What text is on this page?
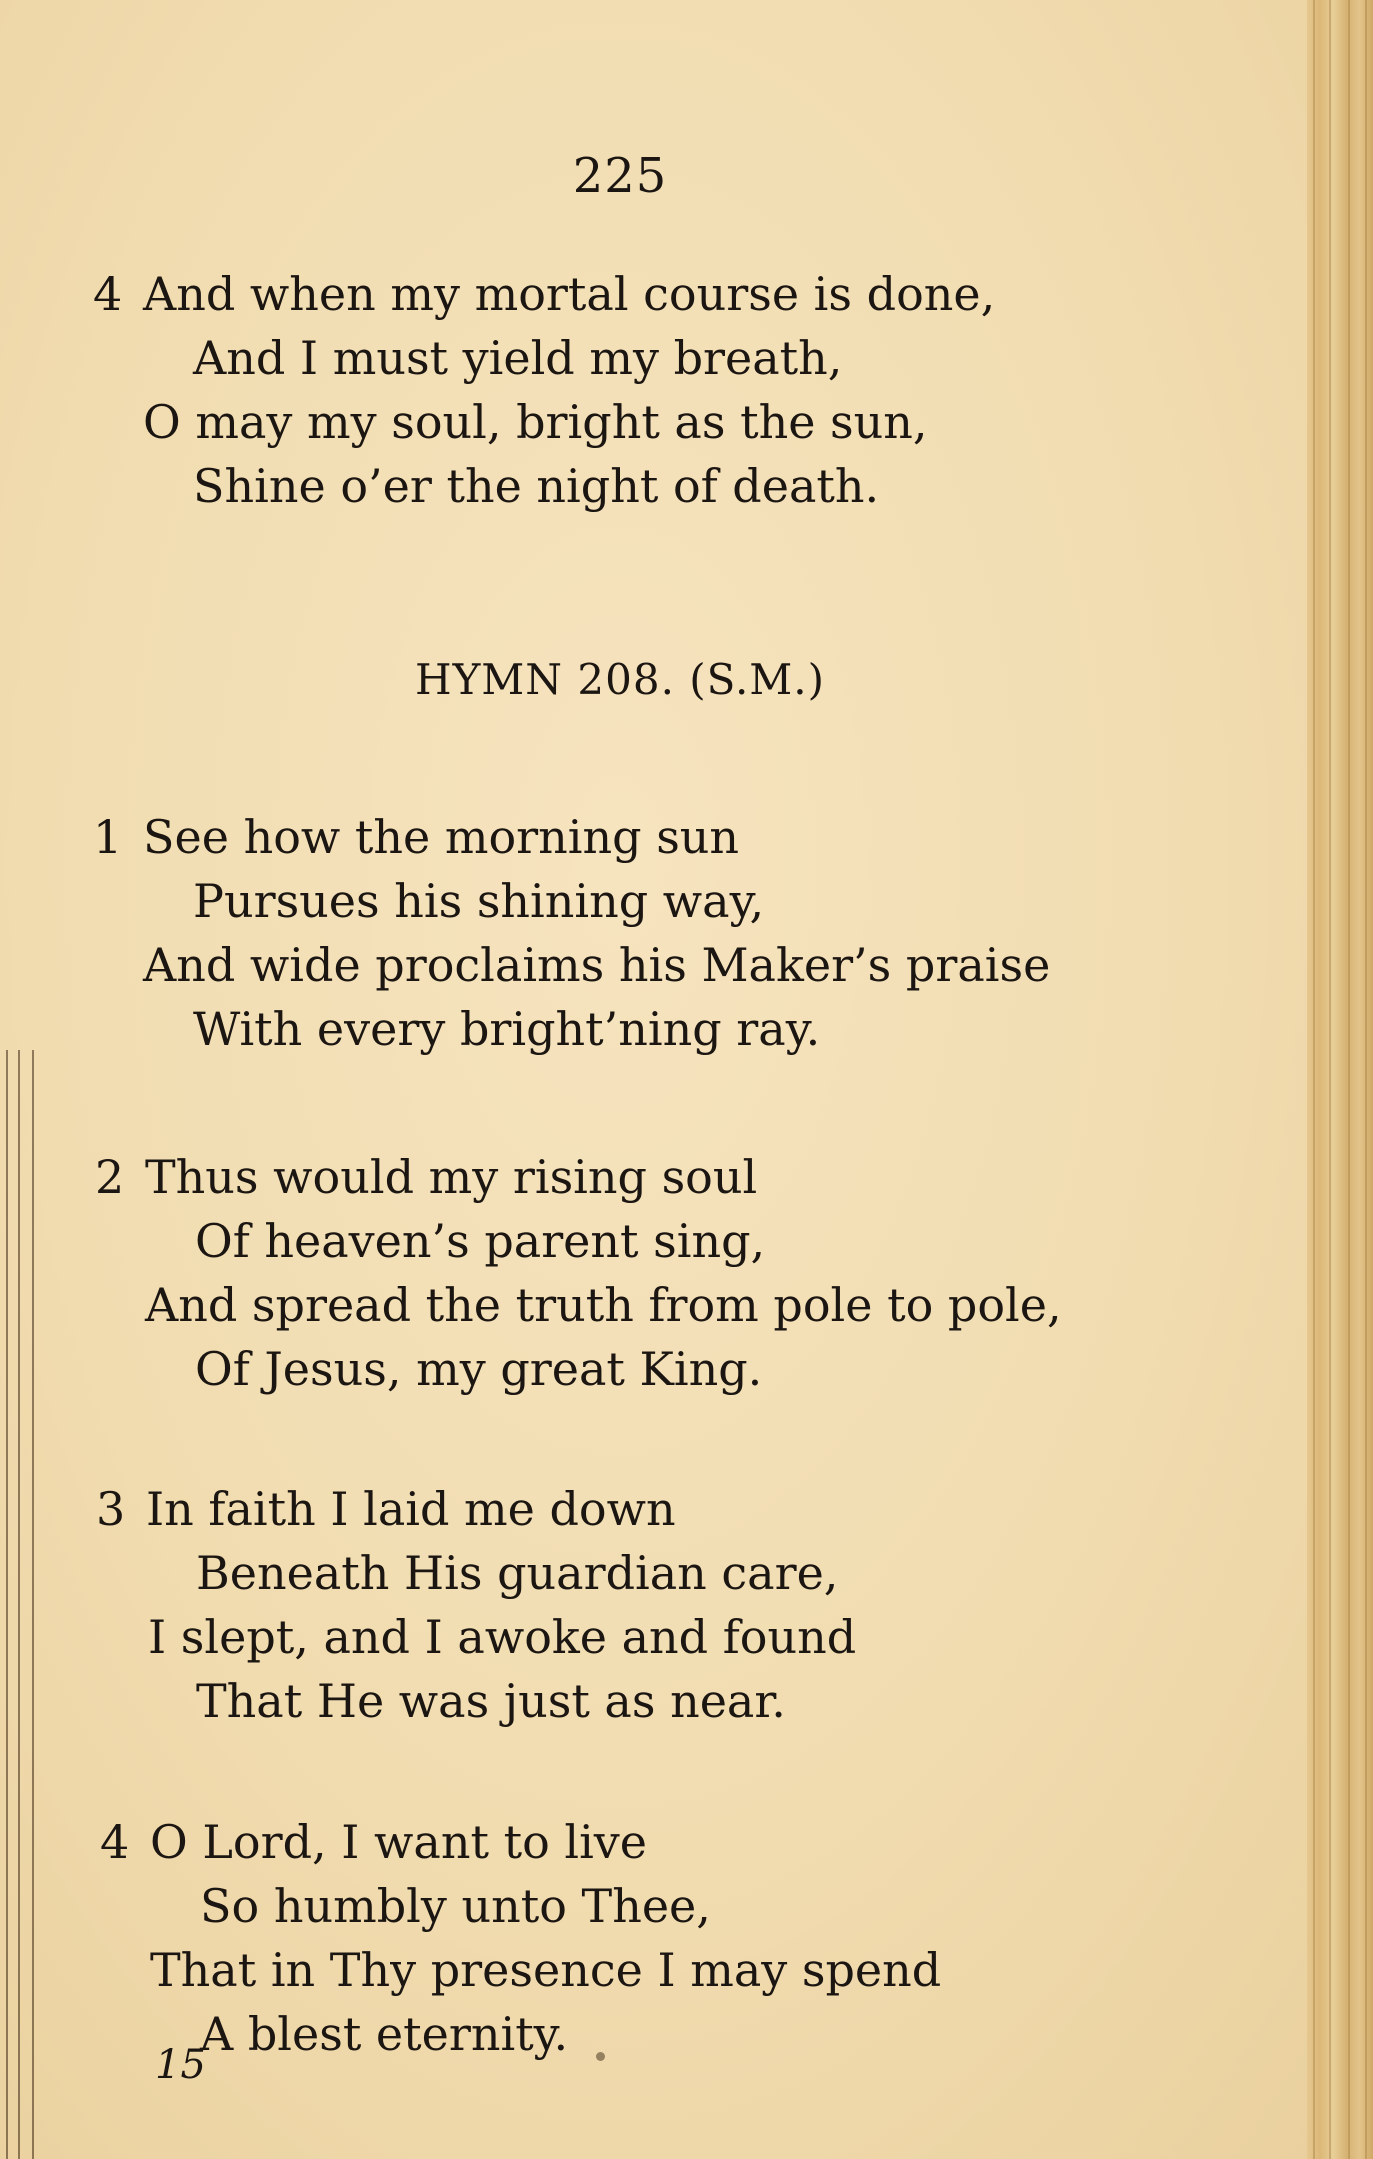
225
4 And when my mortal course is done,
And I must yield my breath,
O may my soul, bright as the sun,
Shine o’er the night of death.
HYMN 208. (S.M.)
1 See how the morning sun
Pursues his shining way,
And wide proclaims his Maker’s praise
With every bright’ning ray.
2 Thus would my rising soul
Of heaven’s parent sing,
And spread the truth from pole to pole,
Of Jesus, my great King.
3 In faith I laid me down
Beneath His guardian care,
I slept, and I awoke and found
That He was just as near.
4 O Lord, I want to live
So humbly unto Thee,
That in Thy presence I may spend
A blest eternity.
15
